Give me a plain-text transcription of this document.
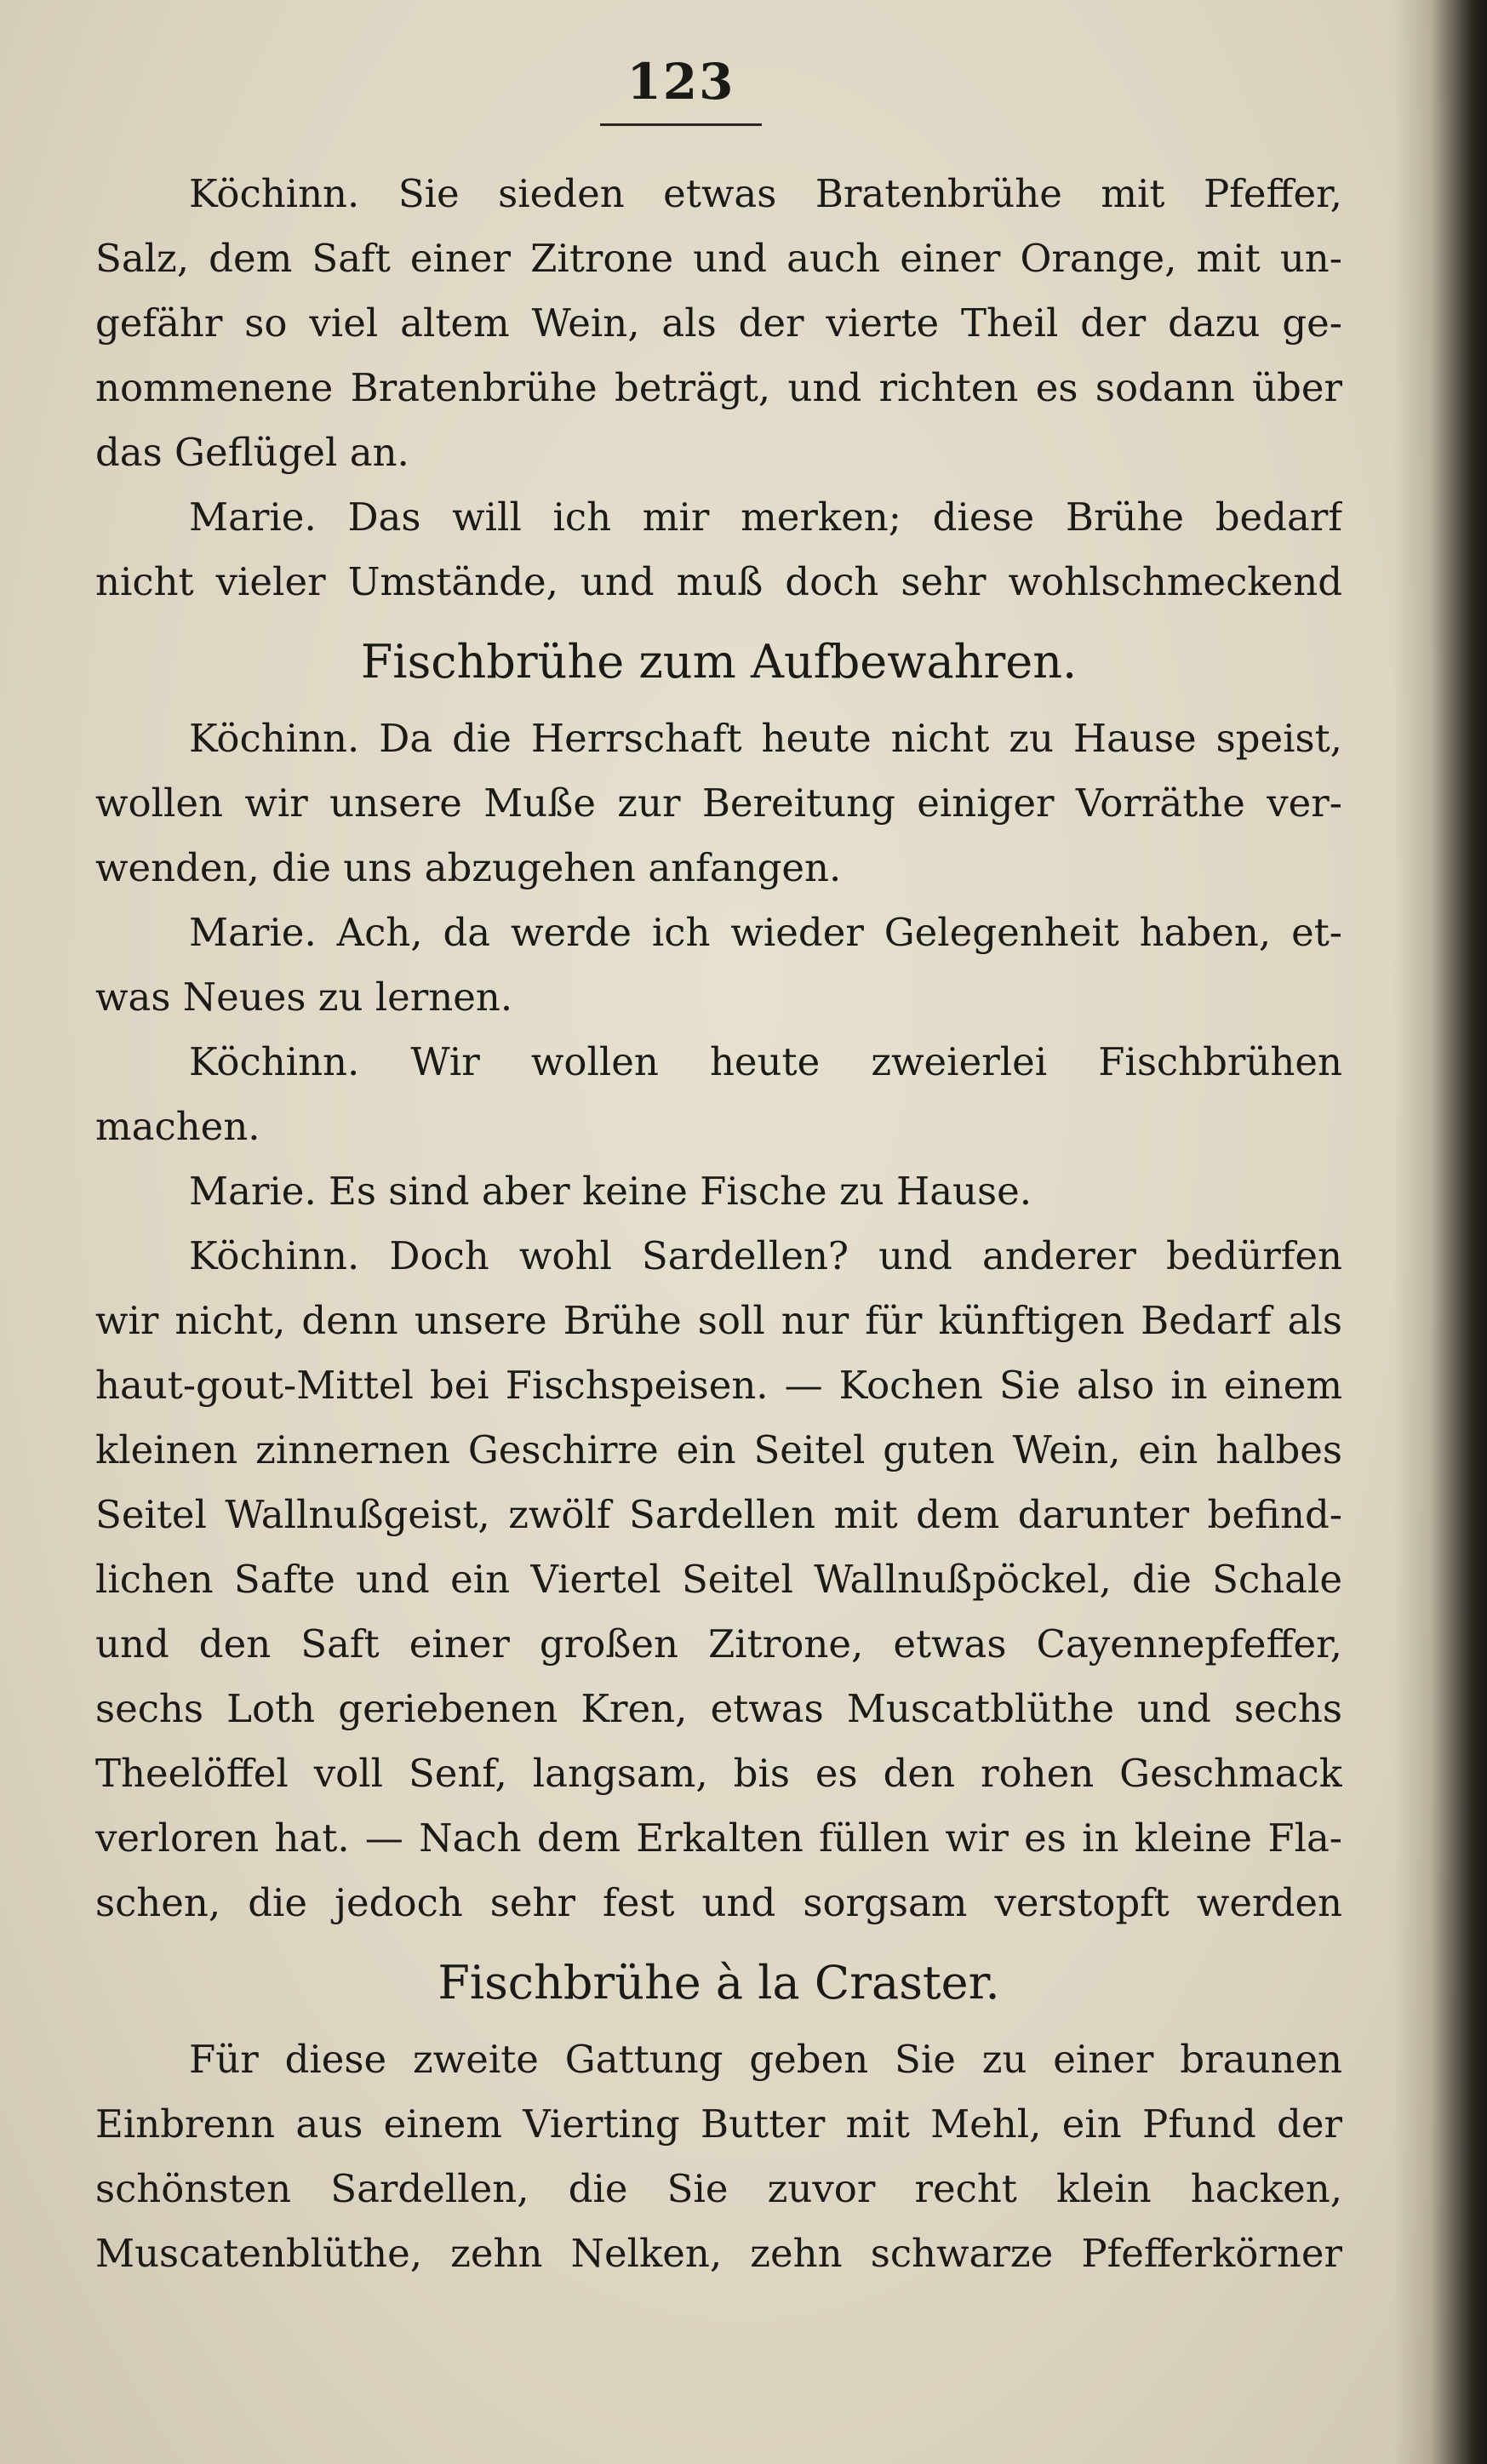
123
Köchinn. Sie sieden etwas Bratenbrühe mit Pfeffer,
Salz, dem Saft einer Zitrone und auch einer Orange, mit un-
gefähr so viel altem Wein, als der vierte Theil der dazu ge-
nommenene Bratenbrühe beträgt, und richten es sodann über
das Geflügel an.
Marie. Das will ich mir merken; diese Brühe bedarf
nicht vieler Umstände, und muß doch sehr wohlschmeckend
Fischbrühe zum Aufbewahren.
Köchinn. Da die Herrschaft heute nicht zu Hause speist,
wollen wir unsere Muße zur Bereitung einiger Vorräthe ver-
wenden, die uns abzugehen anfangen.
Marie. Ach, da werde ich wieder Gelegenheit haben, et-
was Neues zu lernen.
Köchinn. Wir wollen heute zweierlei Fischbrühen
machen.
Marie. Es sind aber keine Fische zu Hause.
Köchinn. Doch wohl Sardellen? und anderer bedürfen
wir nicht, denn unsere Brühe soll nur für künftigen Bedarf als
haut-gout-Mittel bei Fischspeisen. — Kochen Sie also in einem
kleinen zinnernen Geschirre ein Seitel guten Wein, ein halbes
Seitel Wallnußgeist, zwölf Sardellen mit dem darunter befind-
lichen Safte und ein Viertel Seitel Wallnußpöckel, die Schale
und den Saft einer großen Zitrone, etwas Cayennepfeffer,
sechs Loth geriebenen Kren, etwas Muscatblüthe und sechs
Theelöffel voll Senf, langsam, bis es den rohen Geschmack
verloren hat. — Nach dem Erkalten füllen wir es in kleine Fla-
schen, die jedoch sehr fest und sorgsam verstopft werden
Fischbrühe à la Craster.
Für diese zweite Gattung geben Sie zu einer braunen
Einbrenn aus einem Vierting Butter mit Mehl, ein Pfund der
schönsten Sardellen, die Sie zuvor recht klein hacken,
Muscatenblüthe, zehn Nelken, zehn schwarze Pfefferkörner
